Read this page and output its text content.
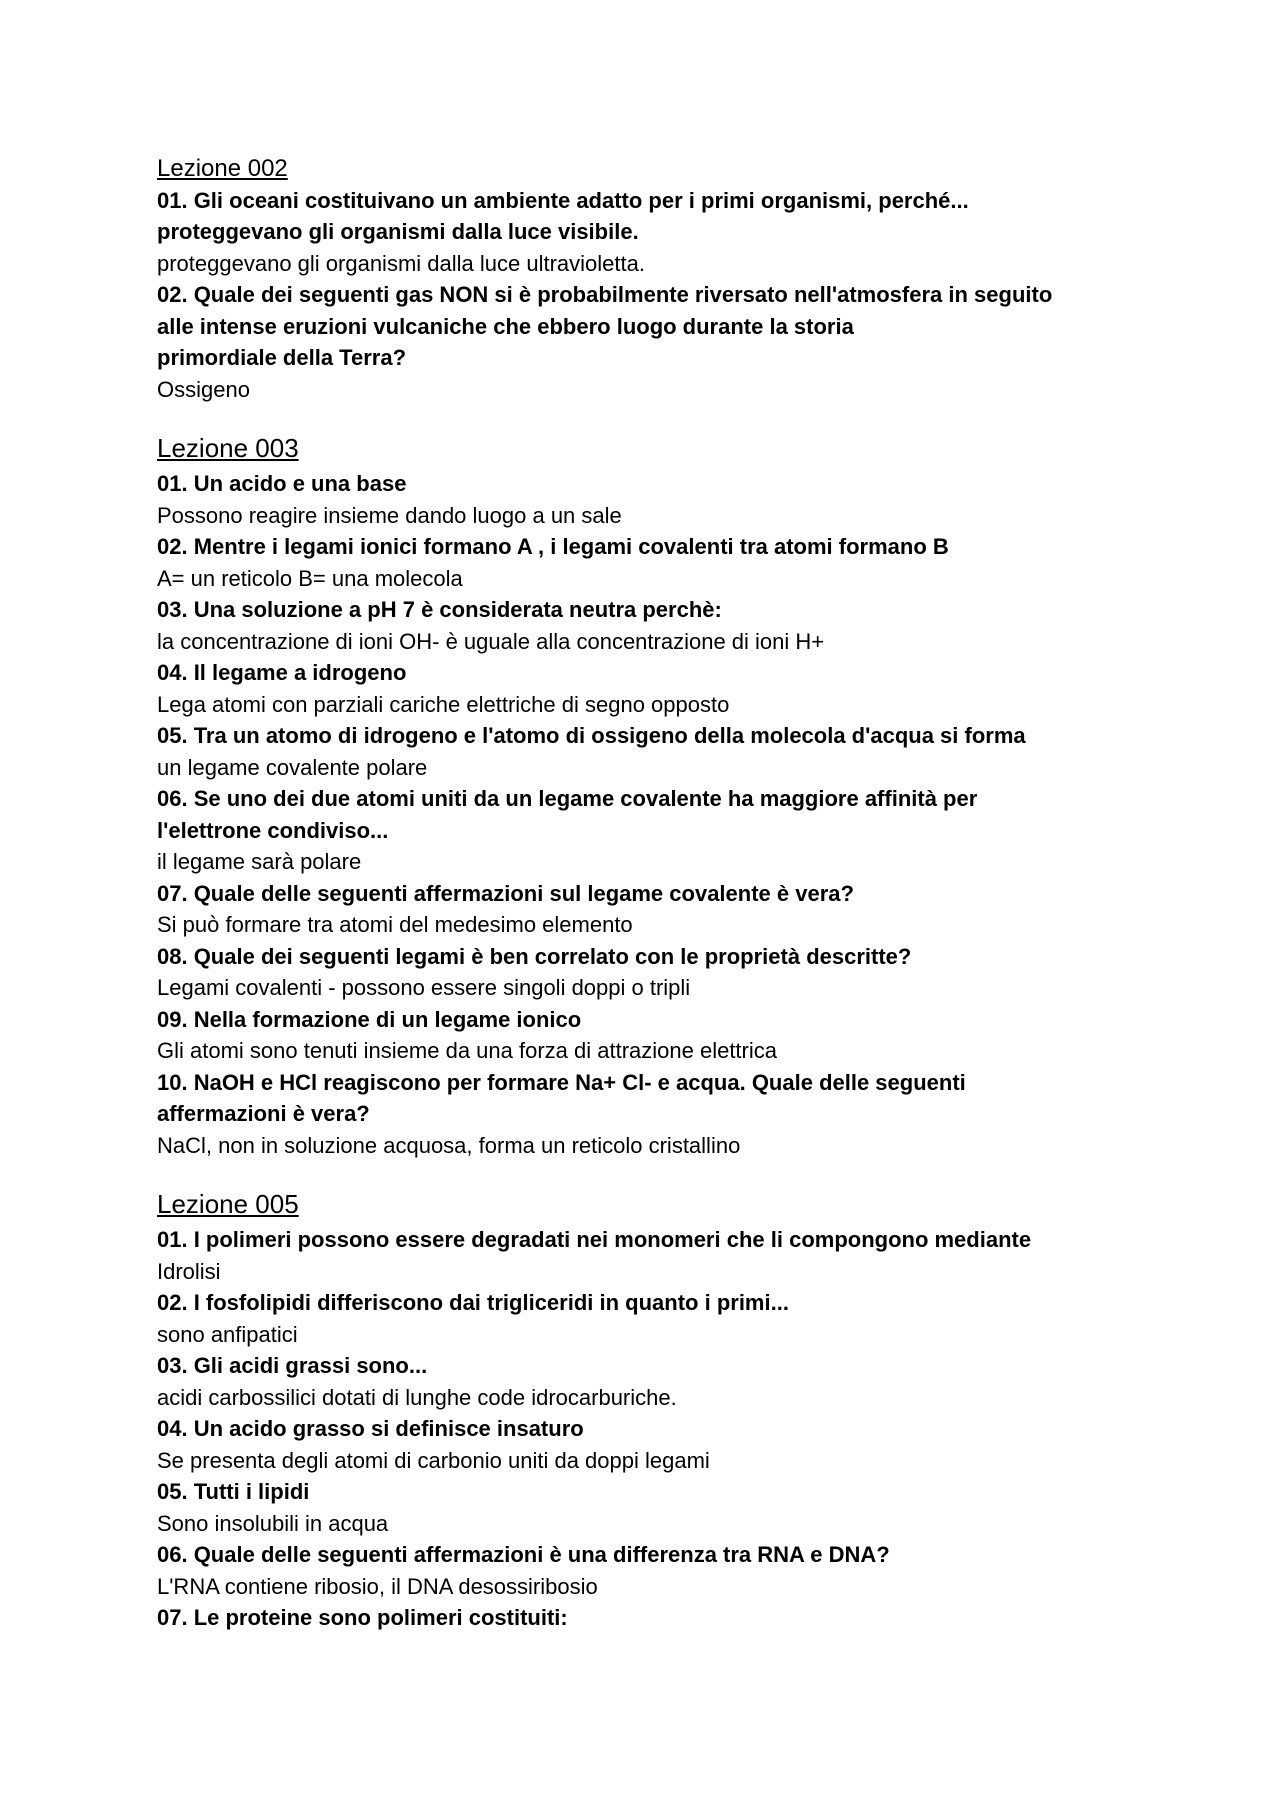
Lezione 002

01. Gli oceani costituivano un ambiente adatto per i primi organismi, perché...
proteggevano gli organismi dalla luce visibile.

proteggevano gli organismi dalla luce ultravioletta.

02. Quale dei seguenti gas NON si è probabilmente riversato nell'atmosfera in seguito
alle intense eruzioni vulcaniche che ebbero luogo durante la storia
primordiale della Terra?

Ossigeno

Lezione 003

01. Un acido e una base

Possono reagire insieme dando luogo a un sale

02. Mentre i legami ionici formano A , i legami covalenti tra atomi formano B

A= un reticolo B= una molecola

03. Una soluzione a pH 7 è considerata neutra perchè:

la concentrazione di ioni OH- è uguale alla concentrazione di ioni H+

04. Il legame a idrogeno

Lega atomi con parziali cariche elettriche di segno opposto

05. Tra un atomo di idrogeno e l'atomo di ossigeno della molecola d'acqua si forma

un legame covalente polare

06. Se uno dei due atomi uniti da un legame covalente ha maggiore affinità per
l'elettrone condiviso...

il legame sarà polare

07. Quale delle seguenti affermazioni sul legame covalente è vera?

Si può formare tra atomi del medesimo elemento

08. Quale dei seguenti legami è ben correlato con le proprietà descritte?

Legami covalenti - possono essere singoli doppi o tripli

09. Nella formazione di un legame ionico

Gli atomi sono tenuti insieme da una forza di attrazione elettrica

10. NaOH e HCl reagiscono per formare Na+ Cl- e acqua. Quale delle seguenti
affermazioni è vera?

NaCl, non in soluzione acquosa, forma un reticolo cristallino

Lezione 005

01. I polimeri possono essere degradati nei monomeri che li compongono mediante

Idrolisi

02. I fosfolipidi differiscono dai trigliceridi in quanto i primi...

sono anfipatici

03. Gli acidi grassi sono...

acidi carbossilici dotati di lunghe code idrocarburiche.

04. Un acido grasso si definisce insaturo

Se presenta degli atomi di carbonio uniti da doppi legami

05. Tutti i lipidi

Sono insolubili in acqua

06. Quale delle seguenti affermazioni è una differenza tra RNA e DNA?

L'RNA contiene ribosio, il DNA desossiribosio

07. Le proteine sono polimeri costituiti:
